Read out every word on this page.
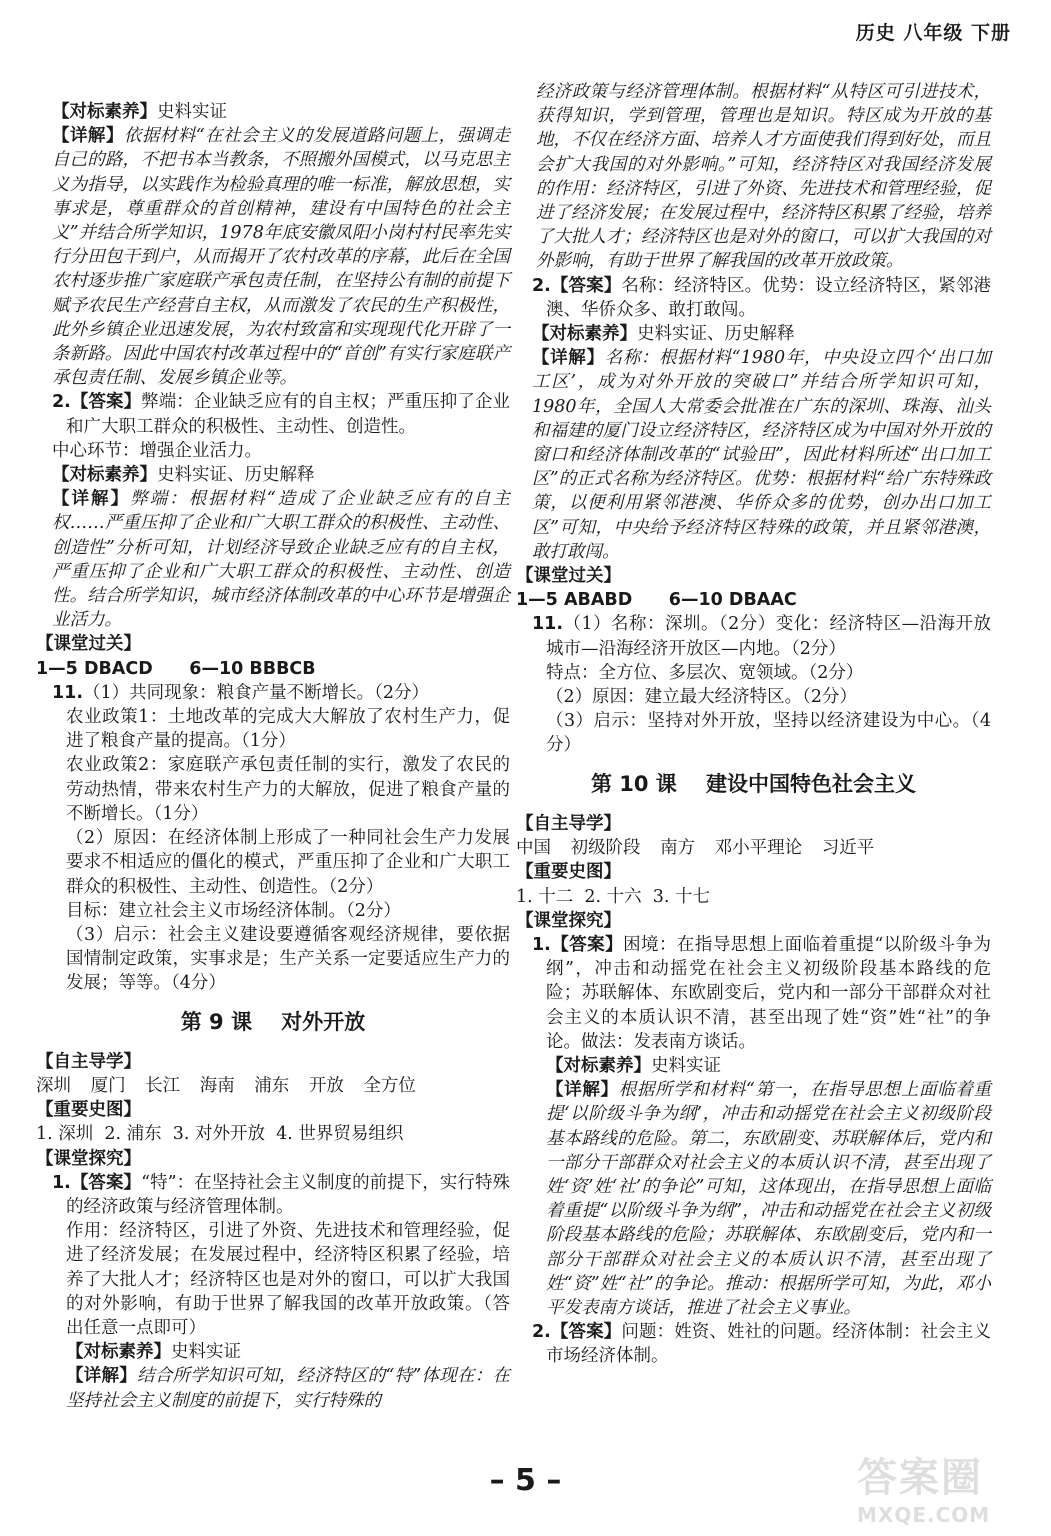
历史 八年级 下册
【对标素养】史料实证
【详解】依据材料“在社会主义的发展道路问题上，强调走自己的路，不把书本当教条，不照搬外国模式，以马克思主义为指导，以实践作为检验真理的唯一标准，解放思想，实事求是，尊重群众的首创精神，建设有中国特色的社会主义”并结合所学知识，1978年底安徽凤阳小岗村村民率先实行分田包干到户，从而揭开了农村改革的序幕，此后在全国农村逐步推广家庭联产承包责任制，在坚持公有制的前提下赋予农民生产经营自主权，从而激发了农民的生产积极性，此外乡镇企业迅速发展，为农村致富和实现现代化开辟了一条新路。因此中国农村改革过程中的“首创”有实行家庭联产承包责任制、发展乡镇企业等。
2.【答案】弊端：企业缺乏应有的自主权；严重压抑了企业和广大职工群众的积极性、主动性、创造性。
中心环节：增强企业活力。
【对标素养】史料实证、历史解释
【详解】弊端：根据材料“造成了企业缺乏应有的自主权……严重压抑了企业和广大职工群众的积极性、主动性、创造性”分析可知，计划经济导致企业缺乏应有的自主权，严重压抑了企业和广大职工群众的积极性、主动性、创造性。结合所学知识，城市经济体制改革的中心环节是增强企业活力。
【课堂过关】
1—5 DBACD      6—10 BBBCB
11.（1）共同现象：粮食产量不断增长。（2分）
农业政策1：土地改革的完成大大解放了农村生产力，促进了粮食产量的提高。（1分）
农业政策2：家庭联产承包责任制的实行，激发了农民的劳动热情，带来农村生产力的大解放，促进了粮食产量的不断增长。（1分）
（2）原因：在经济体制上形成了一种同社会生产力发展要求不相适应的僵化的模式，严重压抑了企业和广大职工群众的积极性、主动性、创造性。（2分）
目标：建立社会主义市场经济体制。（2分）
（3）启示：社会主义建设要遵循客观经济规律，要依据国情制定政策，实事求是；生产关系一定要适应生产力的发展；等等。（4分）
第 9 课    对外开放
【自主导学】
深圳 厦门 长江 海南 浦东 开放 全方位
【重要史图】
1. 深圳  2. 浦东  3. 对外开放  4. 世界贸易组织
【课堂探究】
1.【答案】“特”：在坚持社会主义制度的前提下，实行特殊的经济政策与经济管理体制。
作用：经济特区，引进了外资、先进技术和管理经验，促进了经济发展；在发展过程中，经济特区积累了经验，培养了大批人才；经济特区也是对外的窗口，可以扩大我国的对外影响，有助于世界了解我国的改革开放政策。（答出任意一点即可）
【对标素养】史料实证
【详解】结合所学知识可知，经济特区的“特”体现在：在坚持社会主义制度的前提下，实行特殊的
经济政策与经济管理体制。根据材料“从特区可引进技术，获得知识，学到管理，管理也是知识。特区成为开放的基地，不仅在经济方面、培养人才方面使我们得到好处，而且会扩大我国的对外影响。”可知，经济特区对我国经济发展的作用：经济特区，引进了外资、先进技术和管理经验，促进了经济发展；在发展过程中，经济特区积累了经验，培养了大批人才；经济特区也是对外的窗口，可以扩大我国的对外影响，有助于世界了解我国的改革开放政策。
2.【答案】名称：经济特区。优势：设立经济特区，紧邻港澳、华侨众多、敢打敢闯。
【对标素养】史料实证、历史解释
【详解】名称：根据材料“1980年，中央设立四个‘出口加工区’，成为对外开放的突破口”并结合所学知识可知，1980年，全国人大常委会批准在广东的深圳、珠海、汕头和福建的厦门设立经济特区，经济特区成为中国对外开放的窗口和经济体制改革的“试验田”，因此材料所述“出口加工区”的正式名称为经济特区。优势：根据材料“给广东特殊政策，以便利用紧邻港澳、华侨众多的优势，创办出口加工区”可知，中央给予经济特区特殊的政策，并且紧邻港澳，敢打敢闯。
【课堂过关】
1—5 ABABD      6—10 DBAAC
11.（1）名称：深圳。（2分）变化：经济特区—沿海开放城市—沿海经济开放区—内地。（2分）
特点：全方位、多层次、宽领域。（2分）
（2）原因：建立最大经济特区。（2分）
（3）启示：坚持对外开放，坚持以经济建设为中心。（4分）
第 10 课    建设中国特色社会主义
【自主导学】
中国 初级阶段 南方 邓小平理论 习近平
【重要史图】
1. 十二  2. 十六  3. 十七
【课堂探究】
1.【答案】困境：在指导思想上面临着重提“以阶级斗争为纲”，冲击和动摇党在社会主义初级阶段基本路线的危险；苏联解体、东欧剧变后，党内和一部分干部群众对社会主义的本质认识不清，甚至出现了姓“资”姓“社”的争论。做法：发表南方谈话。
【对标素养】史料实证
【详解】根据所学和材料“第一，在指导思想上面临着重提‘以阶级斗争为纲’，冲击和动摇党在社会主义初级阶段基本路线的危险。第二，东欧剧变、苏联解体后，党内和一部分干部群众对社会主义的本质认识不清，甚至出现了姓‘资’姓‘社’的争论”可知，这体现出，在指导思想上面临着重提“以阶级斗争为纲”，冲击和动摇党在社会主义初级阶段基本路线的危险；苏联解体、东欧剧变后，党内和一部分干部群众对社会主义的本质认识不清，甚至出现了姓“资”姓“社”的争论。推动：根据所学可知，为此，邓小平发表南方谈话，推进了社会主义事业。
2.【答案】问题：姓资、姓社的问题。经济体制：社会主义市场经济体制。
– 5 –	答案圈
MXQE.COM
